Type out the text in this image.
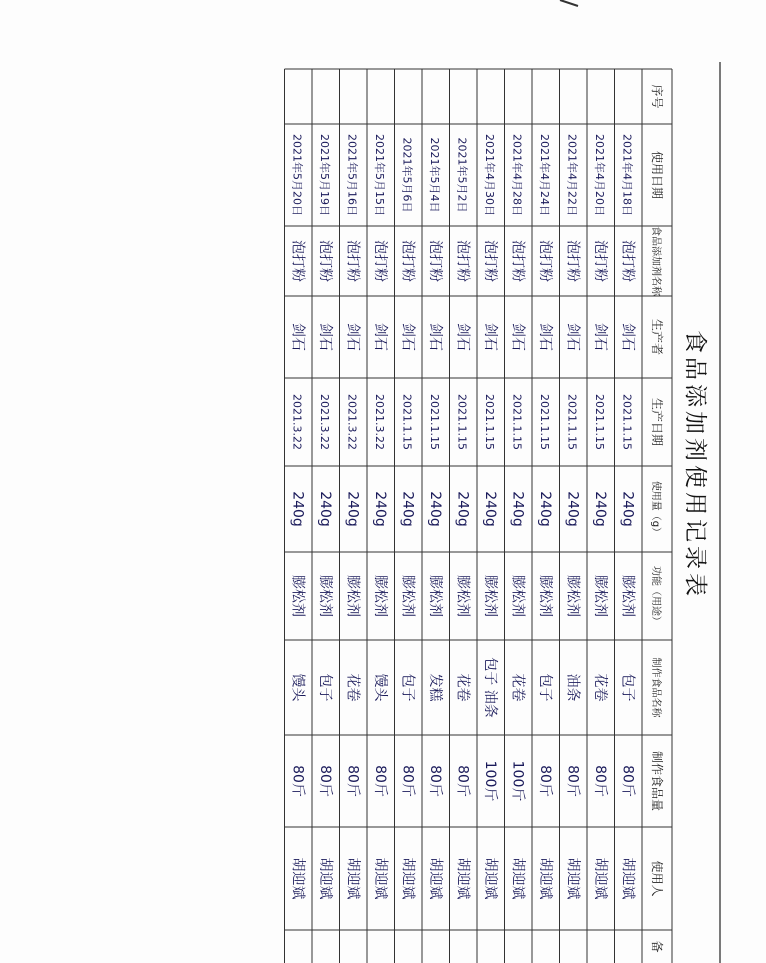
食品添加剂使用记录表
序号
使用日期
食品添加剂名称
生产者
生产日期
使用量（g）
功能（用途）
制作食品名称
制作食品量
使用人
备
2021年4月18日
泡打粉
剑石
2021.1.15
240g
膨松剂
包子
80斤
胡迎斌
2021年4月20日
泡打粉
剑石
2021.1.15
240g
膨松剂
花卷
80斤
胡迎斌
2021年4月22日
泡打粉
剑石
2021.1.15
240g
膨松剂
油条
80斤
胡迎斌
2021年4月24日
泡打粉
剑石
2021.1.15
240g
膨松剂
包子
80斤
胡迎斌
2021年4月28日
泡打粉
剑石
2021.1.15
240g
膨松剂
花卷
100斤
胡迎斌
2021年4月30日
泡打粉
剑石
2021.1.15
240g
膨松剂
包子 油条
100斤
胡迎斌
2021年5月2日
泡打粉
剑石
2021.1.15
240g
膨松剂
花卷
80斤
胡迎斌
2021年5月4日
泡打粉
剑石
2021.1.15
240g
膨松剂
发糕
80斤
胡迎斌
2021年5月6日
泡打粉
剑石
2021.1.15
240g
膨松剂
包子
80斤
胡迎斌
2021年5月15日
泡打粉
剑石
2021.3.22
240g
膨松剂
馒头
80斤
胡迎斌
2021年5月16日
泡打粉
剑石
2021.3.22
240g
膨松剂
花卷
80斤
胡迎斌
2021年5月19日
泡打粉
剑石
2021.3.22
240g
膨松剂
包子
80斤
胡迎斌
2021年5月20日
泡打粉
剑石
2021.3.22
240g
膨松剂
馒头
80斤
胡迎斌
